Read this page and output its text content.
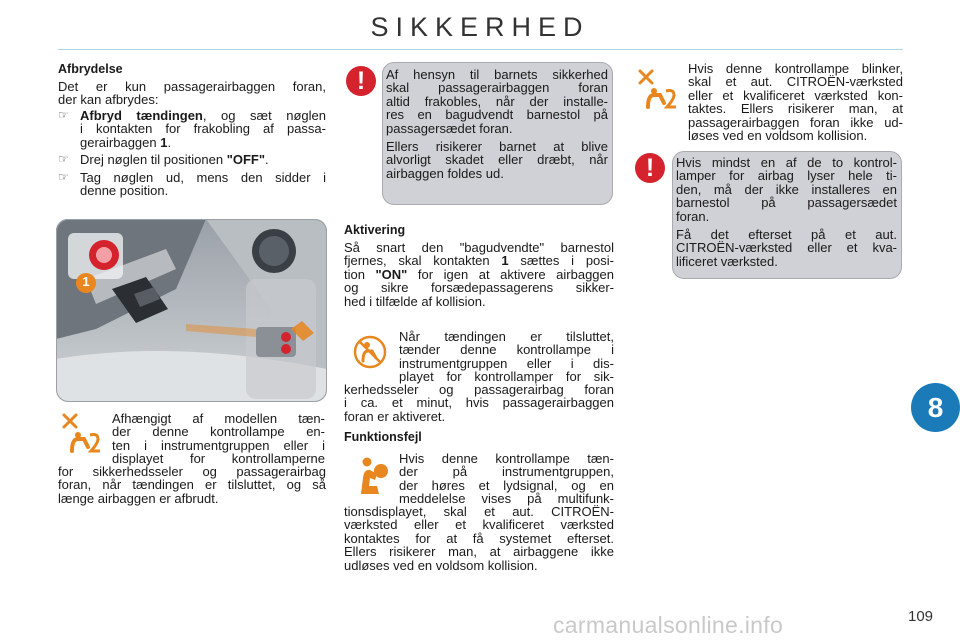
SIKKERHED
Afbrydelse

Det er kun passagerairbaggen foran,

der kan afbrydes:

☞ Afbryd tændingen, og sæt nøglen

i kontakten for frakobling af passa-

gerairbaggen 1.

☞ Drej nøglen til positionen "OFF".

☞ Tag nøglen ud, mens den sidder i

denne position.

1

Afhængigt af modellen tæn-

der denne kontrollampe en-

ten i instrumentgruppen eller i

displayet for kontrollamperne

for sikkerhedsseler og passagerairbag

foran, når tændingen er tilsluttet, og så

længe airbaggen er afbrudt.

!	Af hensyn til barnets sikkerhed

skal passagerairbaggen foran

altid frakobles, når der installe-

res en bagudvendt barnestol på

passagersædet foran.

Ellers risikerer barnet at blive

alvorligt skadet eller dræbt, når

airbaggen foldes ud.

Aktivering

Så snart den "bagudvendte" barnestol

fjernes, skal kontakten 1 sættes i posi-

tion "ON" for igen at aktivere airbaggen

og sikre forsædepassagerens sikker-

hed i tilfælde af kollision.

Når tændingen er tilsluttet,

tænder denne kontrollampe i

instrumentgruppen eller i dis-

playet for kontrollamper for sik-

kerhedsseler og passagerairbag foran

i ca. et minut, hvis passagerairbaggen

foran er aktiveret.

Funktionsfejl

Hvis denne kontrollampe tæn-

der på instrumentgruppen,

der høres et lydsignal, og en

meddelelse vises på multifunk-

tionsdisplayet, skal et aut. CITROËN-

værksted eller et kvalificeret værksted

kontaktes for at få systemet efterset.

Ellers risikerer man, at airbaggene ikke

udløses ved en voldsom kollision.

Hvis denne kontrollampe blinker,

skal et aut. CITROËN-værksted

eller et kvalificeret værksted kon-

taktes. Ellers risikerer man, at

passagerairbaggen foran ikke ud-

løses ved en voldsom kollision.

!	Hvis mindst en af de to kontrol-

lamper for airbag lyser hele ti-

den, må der ikke installeres en

barnestol på passagersædet

foran.

Få det efterset på et aut.

CITROËN-værksted eller et kva-

lificeret værksted.

8
109
carmanualsonline.info
